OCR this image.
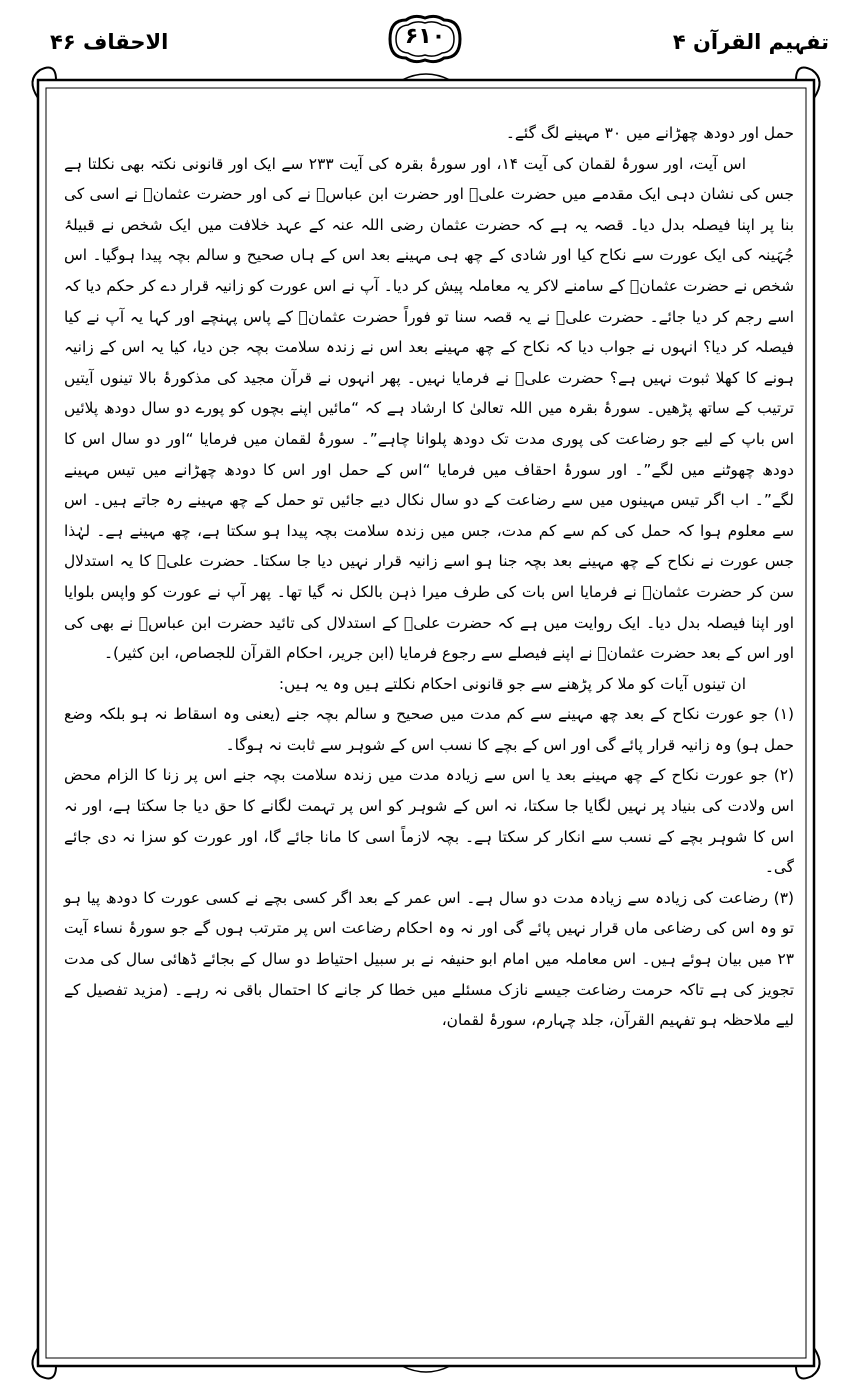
تفہیم القرآن ۴
۶۱۰
الاحقاف ۴۶

حمل اور دودھ چھڑانے میں ۳۰ مہینے لگ گئے۔

اس آیت، اور سورۂ لقمان کی آیت ۱۴، اور سورۂ بقرہ کی آیت ۲۳۳ سے ایک اور قانونی نکتہ بھی نکلتا ہے جس کی نشان دہی ایک مقدمے میں حضرت علیؓ اور حضرت ابن عباسؓ نے کی اور حضرت عثمانؓ نے اسی کی بنا پر اپنا فیصلہ بدل دیا۔ قصہ یہ ہے کہ حضرت عثمان رضی اللہ عنہ کے عہد خلافت میں ایک شخص نے قبیلۂ جُہَینہ کی ایک عورت سے نکاح کیا اور شادی کے چھ ہی مہینے بعد اس کے ہاں صحیح و سالم بچہ پیدا ہوگیا۔ اس شخص نے حضرت عثمانؓ کے سامنے لاکر یہ معاملہ پیش کر دیا۔ آپ نے اس عورت کو زانیہ قرار دے کر حکم دیا کہ اسے رجم کر دیا جائے۔ حضرت علیؓ نے یہ قصہ سنا تو فوراً حضرت عثمانؓ کے پاس پہنچے اور کہا یہ آپ نے کیا فیصلہ کر دیا؟ انہوں نے جواب دیا کہ نکاح کے چھ مہینے بعد اس نے زندہ سلامت بچہ جن دیا، کیا یہ اس کے زانیہ ہونے کا کھلا ثبوت نہیں ہے؟ حضرت علیؓ نے فرمایا نہیں۔ پھر انہوں نے قرآن مجید کی مذکورۂ بالا تینوں آیتیں ترتیب کے ساتھ پڑھیں۔ سورۂ بقرہ میں اللہ تعالیٰ کا ارشاد ہے کہ “مائیں اپنے بچوں کو پورے دو سال دودھ پلائیں اس باپ کے لیے جو رضاعت کی پوری مدت تک دودھ پلوانا چاہے”۔ سورۂ لقمان میں فرمایا “اور دو سال اس کا دودھ چھوٹنے میں لگے”۔ اور سورۂ احقاف میں فرمایا “اس کے حمل اور اس کا دودھ چھڑانے میں تیس مہینے لگے”۔ اب اگر تیس مہینوں میں سے رضاعت کے دو سال نکال دیے جائیں تو حمل کے چھ مہینے رہ جاتے ہیں۔ اس سے معلوم ہوا کہ حمل کی کم سے کم مدت، جس میں زندہ سلامت بچہ پیدا ہو سکتا ہے، چھ مہینے ہے۔ لہٰذا جس عورت نے نکاح کے چھ مہینے بعد بچہ جنا ہو اسے زانیہ قرار نہیں دیا جا سکتا۔ حضرت علیؓ کا یہ استدلال سن کر حضرت عثمانؓ نے فرمایا اس بات کی طرف میرا ذہن بالکل نہ گیا تھا۔ پھر آپ نے عورت کو واپس بلوایا اور اپنا فیصلہ بدل دیا۔ ایک روایت میں ہے کہ حضرت علیؓ کے استدلال کی تائید حضرت ابن عباسؓ نے بھی کی اور اس کے بعد حضرت عثمانؓ نے اپنے فیصلے سے رجوع فرمایا (ابن جریر، احکام القرآن للجصاص، ابن کثیر)۔

ان تینوں آیات کو ملا کر پڑھنے سے جو قانونی احکام نکلتے ہیں وہ یہ ہیں:

(۱) جو عورت نکاح کے بعد چھ مہینے سے کم مدت میں صحیح و سالم بچہ جنے (یعنی وہ اسقاط نہ ہو بلکہ وضع حمل ہو) وہ زانیہ قرار پائے گی اور اس کے بچے کا نسب اس کے شوہر سے ثابت نہ ہوگا۔

(۲) جو عورت نکاح کے چھ مہینے بعد یا اس سے زیادہ مدت میں زندہ سلامت بچہ جنے اس پر زنا کا الزام محض اس ولادت کی بنیاد پر نہیں لگایا جا سکتا، نہ اس کے شوہر کو اس پر تہمت لگانے کا حق دیا جا سکتا ہے، اور نہ اس کا شوہر بچے کے نسب سے انکار کر سکتا ہے۔ بچہ لازماً اسی کا مانا جائے گا، اور عورت کو سزا نہ دی جائے گی۔

(۳) رضاعت کی زیادہ سے زیادہ مدت دو سال ہے۔ اس عمر کے بعد اگر کسی بچے نے کسی عورت کا دودھ پیا ہو تو وہ اس کی رضاعی ماں قرار نہیں پائے گی اور نہ وہ احکام رضاعت اس پر مترتب ہوں گے جو سورۂ نساء آیت ۲۳ میں بیان ہوئے ہیں۔ اس معاملہ میں امام ابو حنیفہ نے بر سبیل احتیاط دو سال کے بجائے ڈھائی سال کی مدت تجویز کی ہے تاکہ حرمت رضاعت جیسے نازک مسئلے میں خطا کر جانے کا احتمال باقی نہ رہے۔ (مزید تفصیل کے لیے ملاحظہ ہو تفہیم القرآن، جلد چہارم، سورۂ لقمان،
